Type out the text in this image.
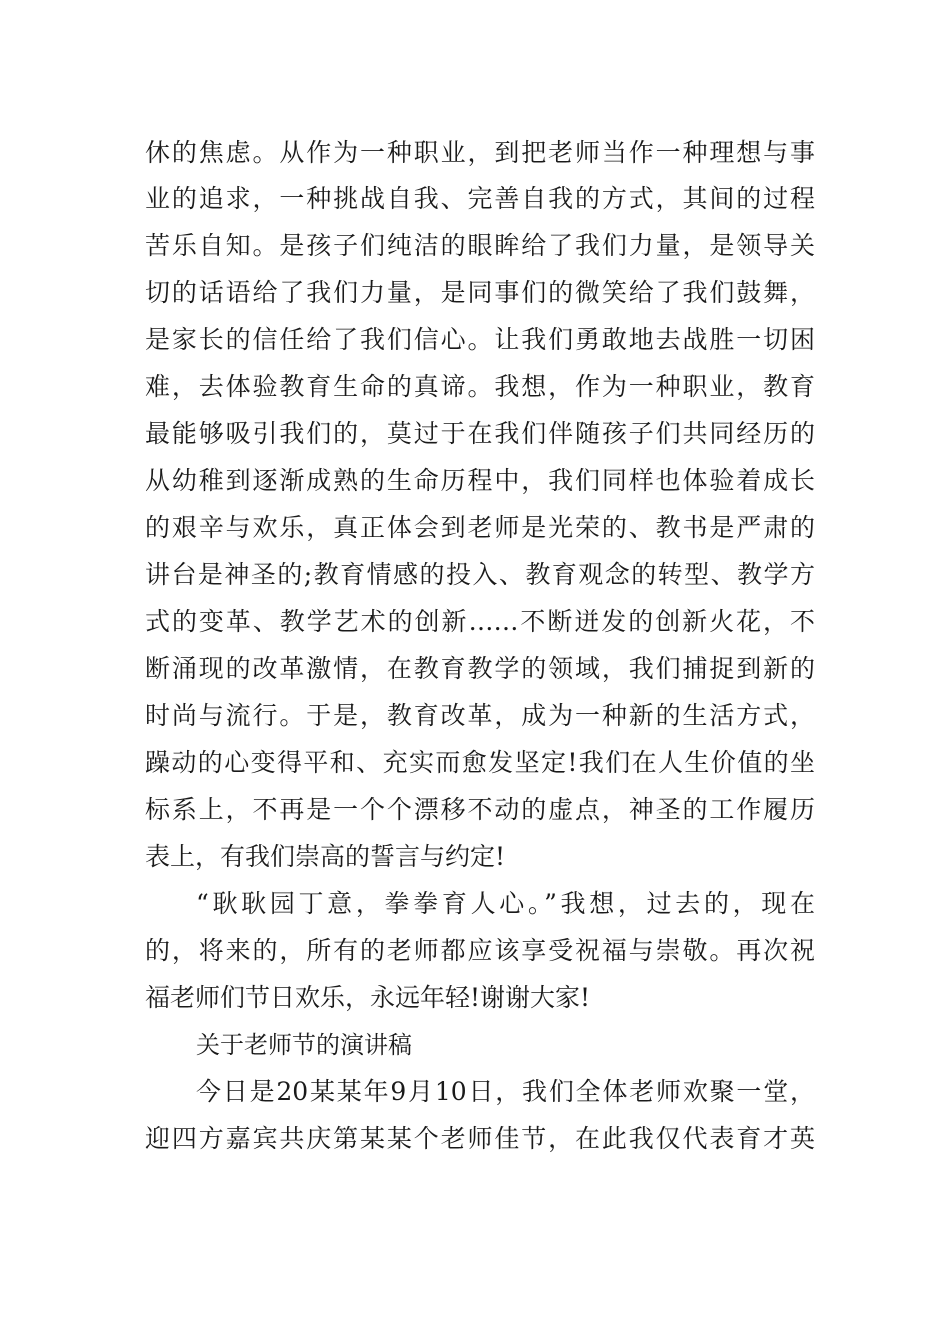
休的焦虑。从作为一种职业，到把老师当作一种理想与事
业的追求，一种挑战自我、完善自我的方式，其间的过程
苦乐自知。是孩子们纯洁的眼眸给了我们力量，是领导关
切的话语给了我们力量，是同事们的微笑给了我们鼓舞，
是家长的信任给了我们信心。让我们勇敢地去战胜一切困
难，去体验教育生命的真谛。我想，作为一种职业，教育
最能够吸引我们的，莫过于在我们伴随孩子们共同经历的
从幼稚到逐渐成熟的生命历程中，我们同样也体验着成长
的艰辛与欢乐，真正体会到老师是光荣的、教书是严肃的
讲台是神圣的;教育情感的投入、教育观念的转型、教学方
式的变革、教学艺术的创新……不断迸发的创新火花，不
断涌现的改革激情，在教育教学的领域，我们捕捉到新的
时尚与流行。于是，教育改革，成为一种新的生活方式，
躁动的心变得平和、充实而愈发坚定!我们在人生价值的坐
标系上，不再是一个个漂移不动的虚点，神圣的工作履历
表上，有我们崇高的誓言与约定!
“耿耿园丁意，拳拳育人心。”我想，过去的，现在
的，将来的，所有的老师都应该享受祝福与崇敬。再次祝
福老师们节日欢乐，永远年轻!谢谢大家!
关于老师节的演讲稿
今日是20某某年9月10日，我们全体老师欢聚一堂，
迎四方嘉宾共庆第某某个老师佳节，在此我仅代表育才英
